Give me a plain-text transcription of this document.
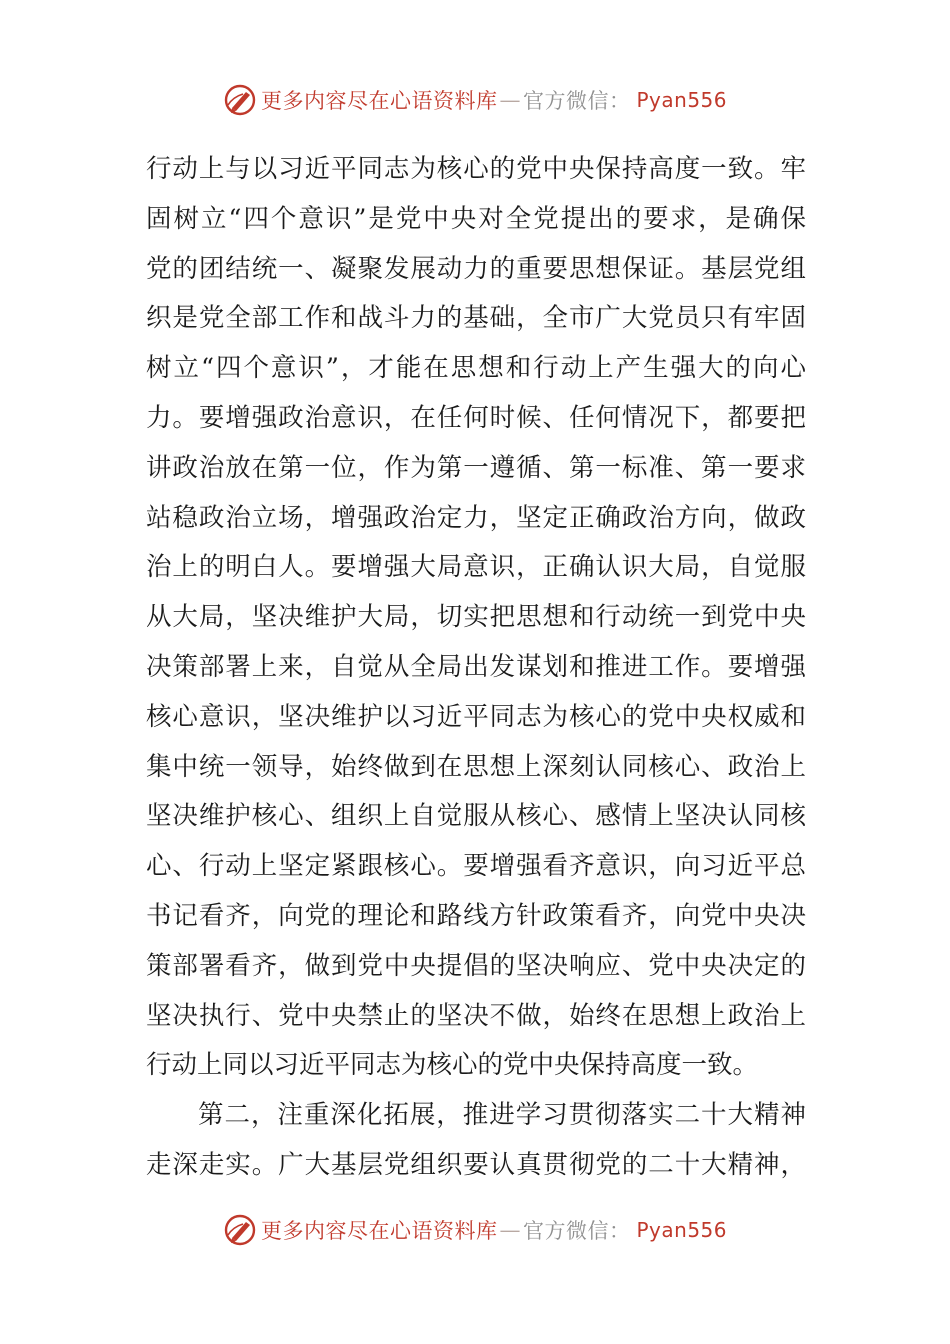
更多内容尽在心语资料库 — 官方微信： Pyan556
行动上与以习近平同志为核心的党中央保持高度一致。牢
固树立“四个意识”是党中央对全党提出的要求，是确保
党的团结统一、凝聚发展动力的重要思想保证。基层党组
织是党全部工作和战斗力的基础，全市广大党员只有牢固
树立“四个意识”，才能在思想和行动上产生强大的向心
力。要增强政治意识，在任何时候、任何情况下，都要把
讲政治放在第一位，作为第一遵循、第一标准、第一要求
站稳政治立场，增强政治定力，坚定正确政治方向，做政
治上的明白人。要增强大局意识，正确认识大局，自觉服
从大局，坚决维护大局，切实把思想和行动统一到党中央
决策部署上来，自觉从全局出发谋划和推进工作。要增强
核心意识，坚决维护以习近平同志为核心的党中央权威和
集中统一领导，始终做到在思想上深刻认同核心、政治上
坚决维护核心、组织上自觉服从核心、感情上坚决认同核
心、行动上坚定紧跟核心。要增强看齐意识，向习近平总
书记看齐，向党的理论和路线方针政策看齐，向党中央决
策部署看齐，做到党中央提倡的坚决响应、党中央决定的
坚决执行、党中央禁止的坚决不做，始终在思想上政治上
行动上同以习近平同志为核心的党中央保持高度一致。
第二，注重深化拓展，推进学习贯彻落实二十大精神
走深走实。广大基层党组织要认真贯彻党的二十大精神，
更多内容尽在心语资料库 — 官方微信： Pyan556
